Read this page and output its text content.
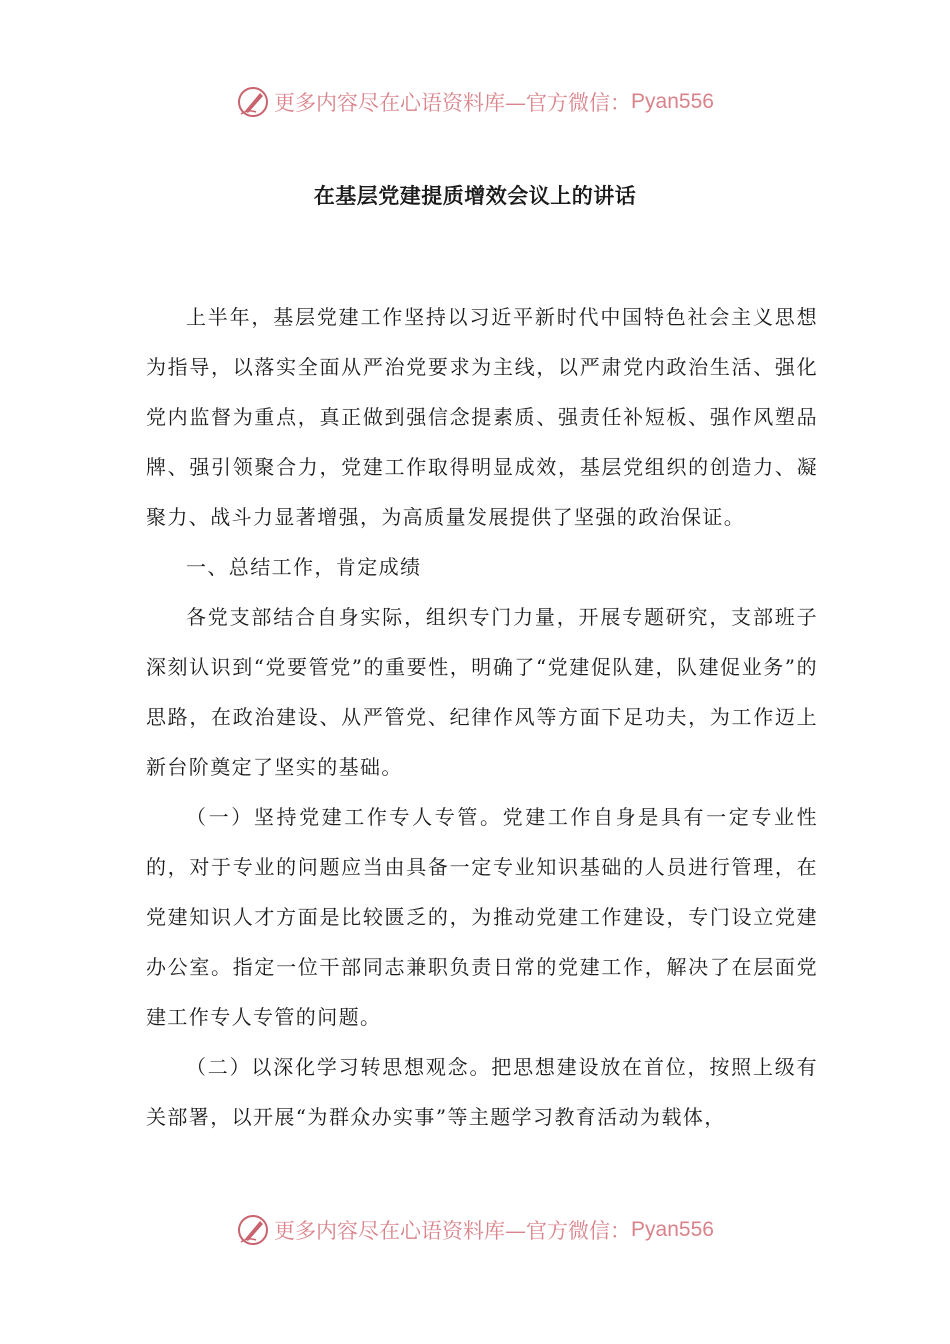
更多内容尽在心语资料库—官方微信： Pyan556
在基层党建提质增效会议上的讲话

上半年，基层党建工作坚持以习近平新时代中国特色社会主义思想为指导，以落实全面从严治党要求为主线，以严肃党内政治生活、强化党内监督为重点，真正做到强信念提素质、强责任补短板、强作风塑品牌、强引领聚合力，党建工作取得明显成效，基层党组织的创造力、凝聚力、战斗力显著增强，为高质量发展提供了坚强的政治保证。

一、总结工作，肯定成绩

各党支部结合自身实际，组织专门力量，开展专题研究，支部班子深刻认识到“党要管党”的重要性，明确了“党建促队建，队建促业务”的思路，在政治建设、从严管党、纪律作风等方面下足功夫，为工作迈上新台阶奠定了坚实的基础。

（一）坚持党建工作专人专管。党建工作自身是具有一定专业性的，对于专业的问题应当由具备一定专业知识基础的人员进行管理，在党建知识人才方面是比较匮乏的，为推动党建工作建设，专门设立党建办公室。指定一位干部同志兼职负责日常的党建工作，解决了在层面党建工作专人专管的问题。

（二）以深化学习转思想观念。把思想建设放在首位，按照上级有关部署，以开展“为群众办实事”等主题学习教育活动为载体，

更多内容尽在心语资料库—官方微信： Pyan556
